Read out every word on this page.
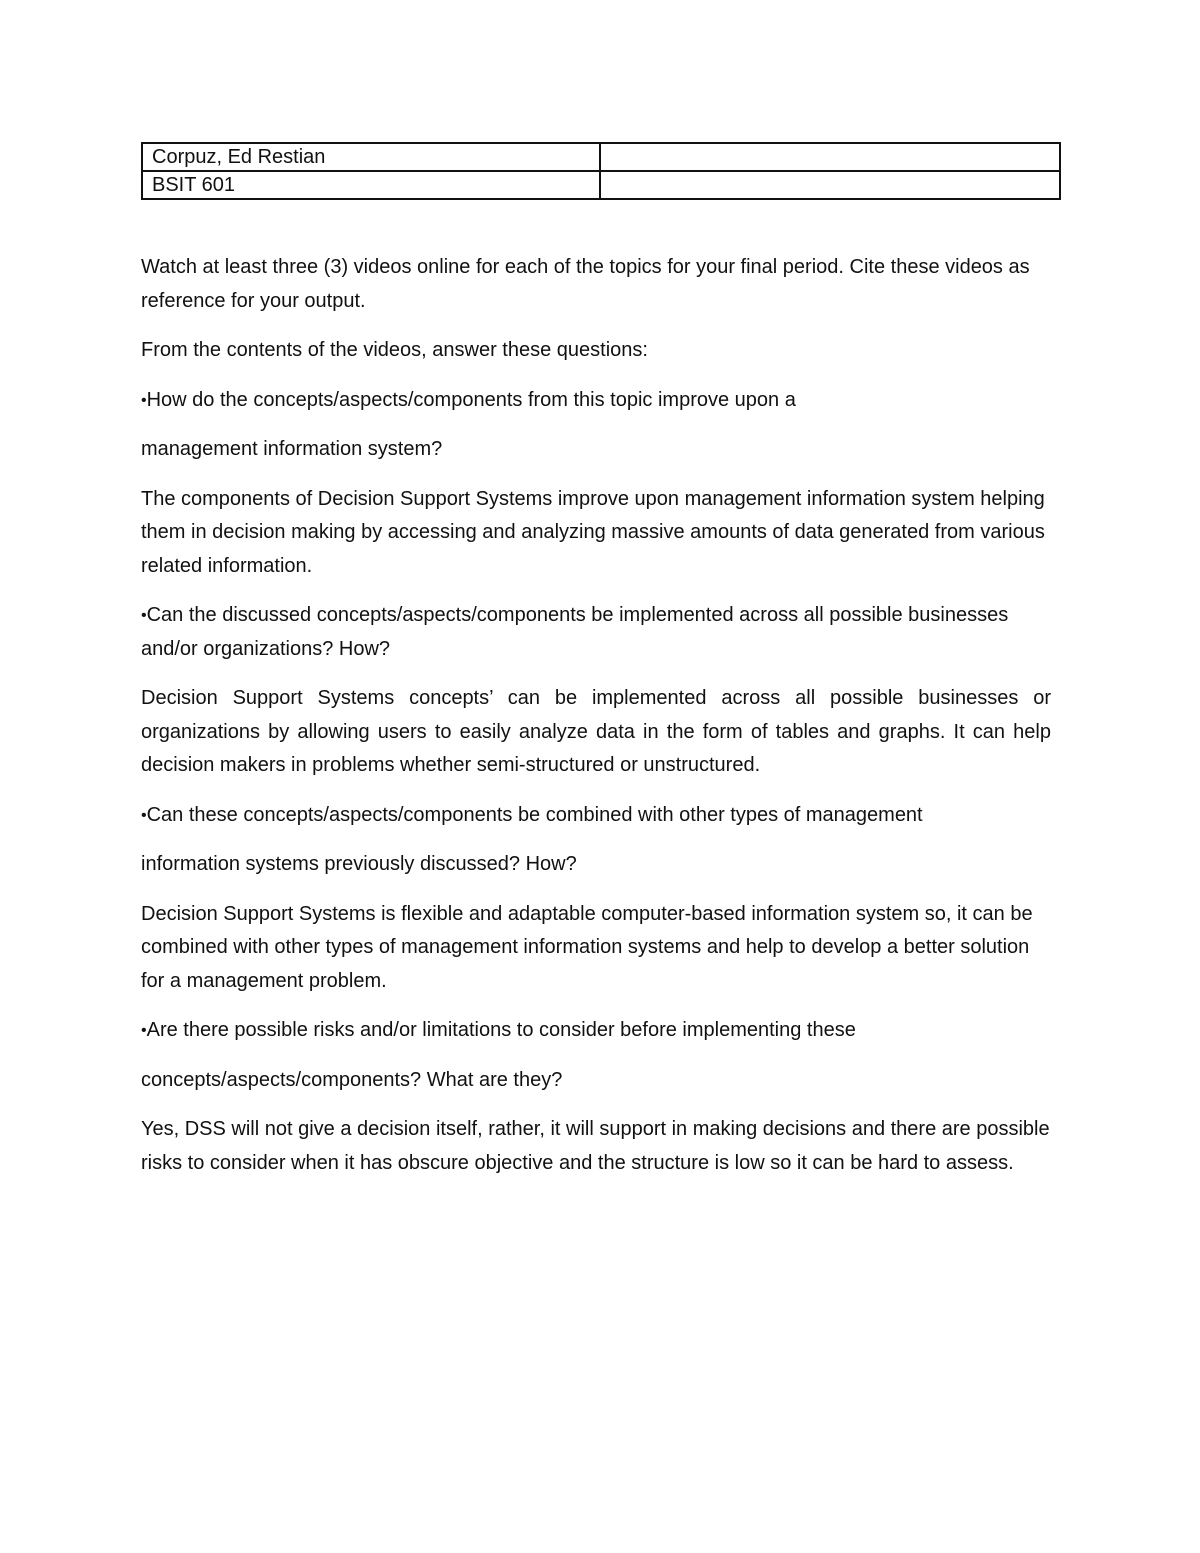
Corpuz, Ed Restian	
BSIT 601	

Watch at least three (3) videos online for each of the topics for your final period. Cite these videos as reference for your output.

From the contents of the videos, answer these questions:

•How do the concepts/aspects/components from this topic improve upon a

management information system?

The components of Decision Support Systems improve upon management information system helping them in decision making by accessing and analyzing massive amounts of data generated from various related information.

•Can the discussed concepts/aspects/components be implemented across all possible businesses and/or organizations? How?

Decision Support Systems concepts’ can be implemented across all possible businesses or organizations by allowing users to easily analyze data in the form of tables and graphs. It can help decision makers in problems whether semi-structured or unstructured.

•Can these concepts/aspects/components be combined with other types of management

information systems previously discussed? How?

Decision Support Systems is flexible and adaptable computer-based information system so, it can be combined with other types of management information systems and help to develop a better solution for a management problem.

•Are there possible risks and/or limitations to consider before implementing these

concepts/aspects/components? What are they?

Yes, DSS will not give a decision itself, rather, it will support in making decisions and there are possible risks to consider when it has obscure objective and the structure is low so it can be hard to assess.
